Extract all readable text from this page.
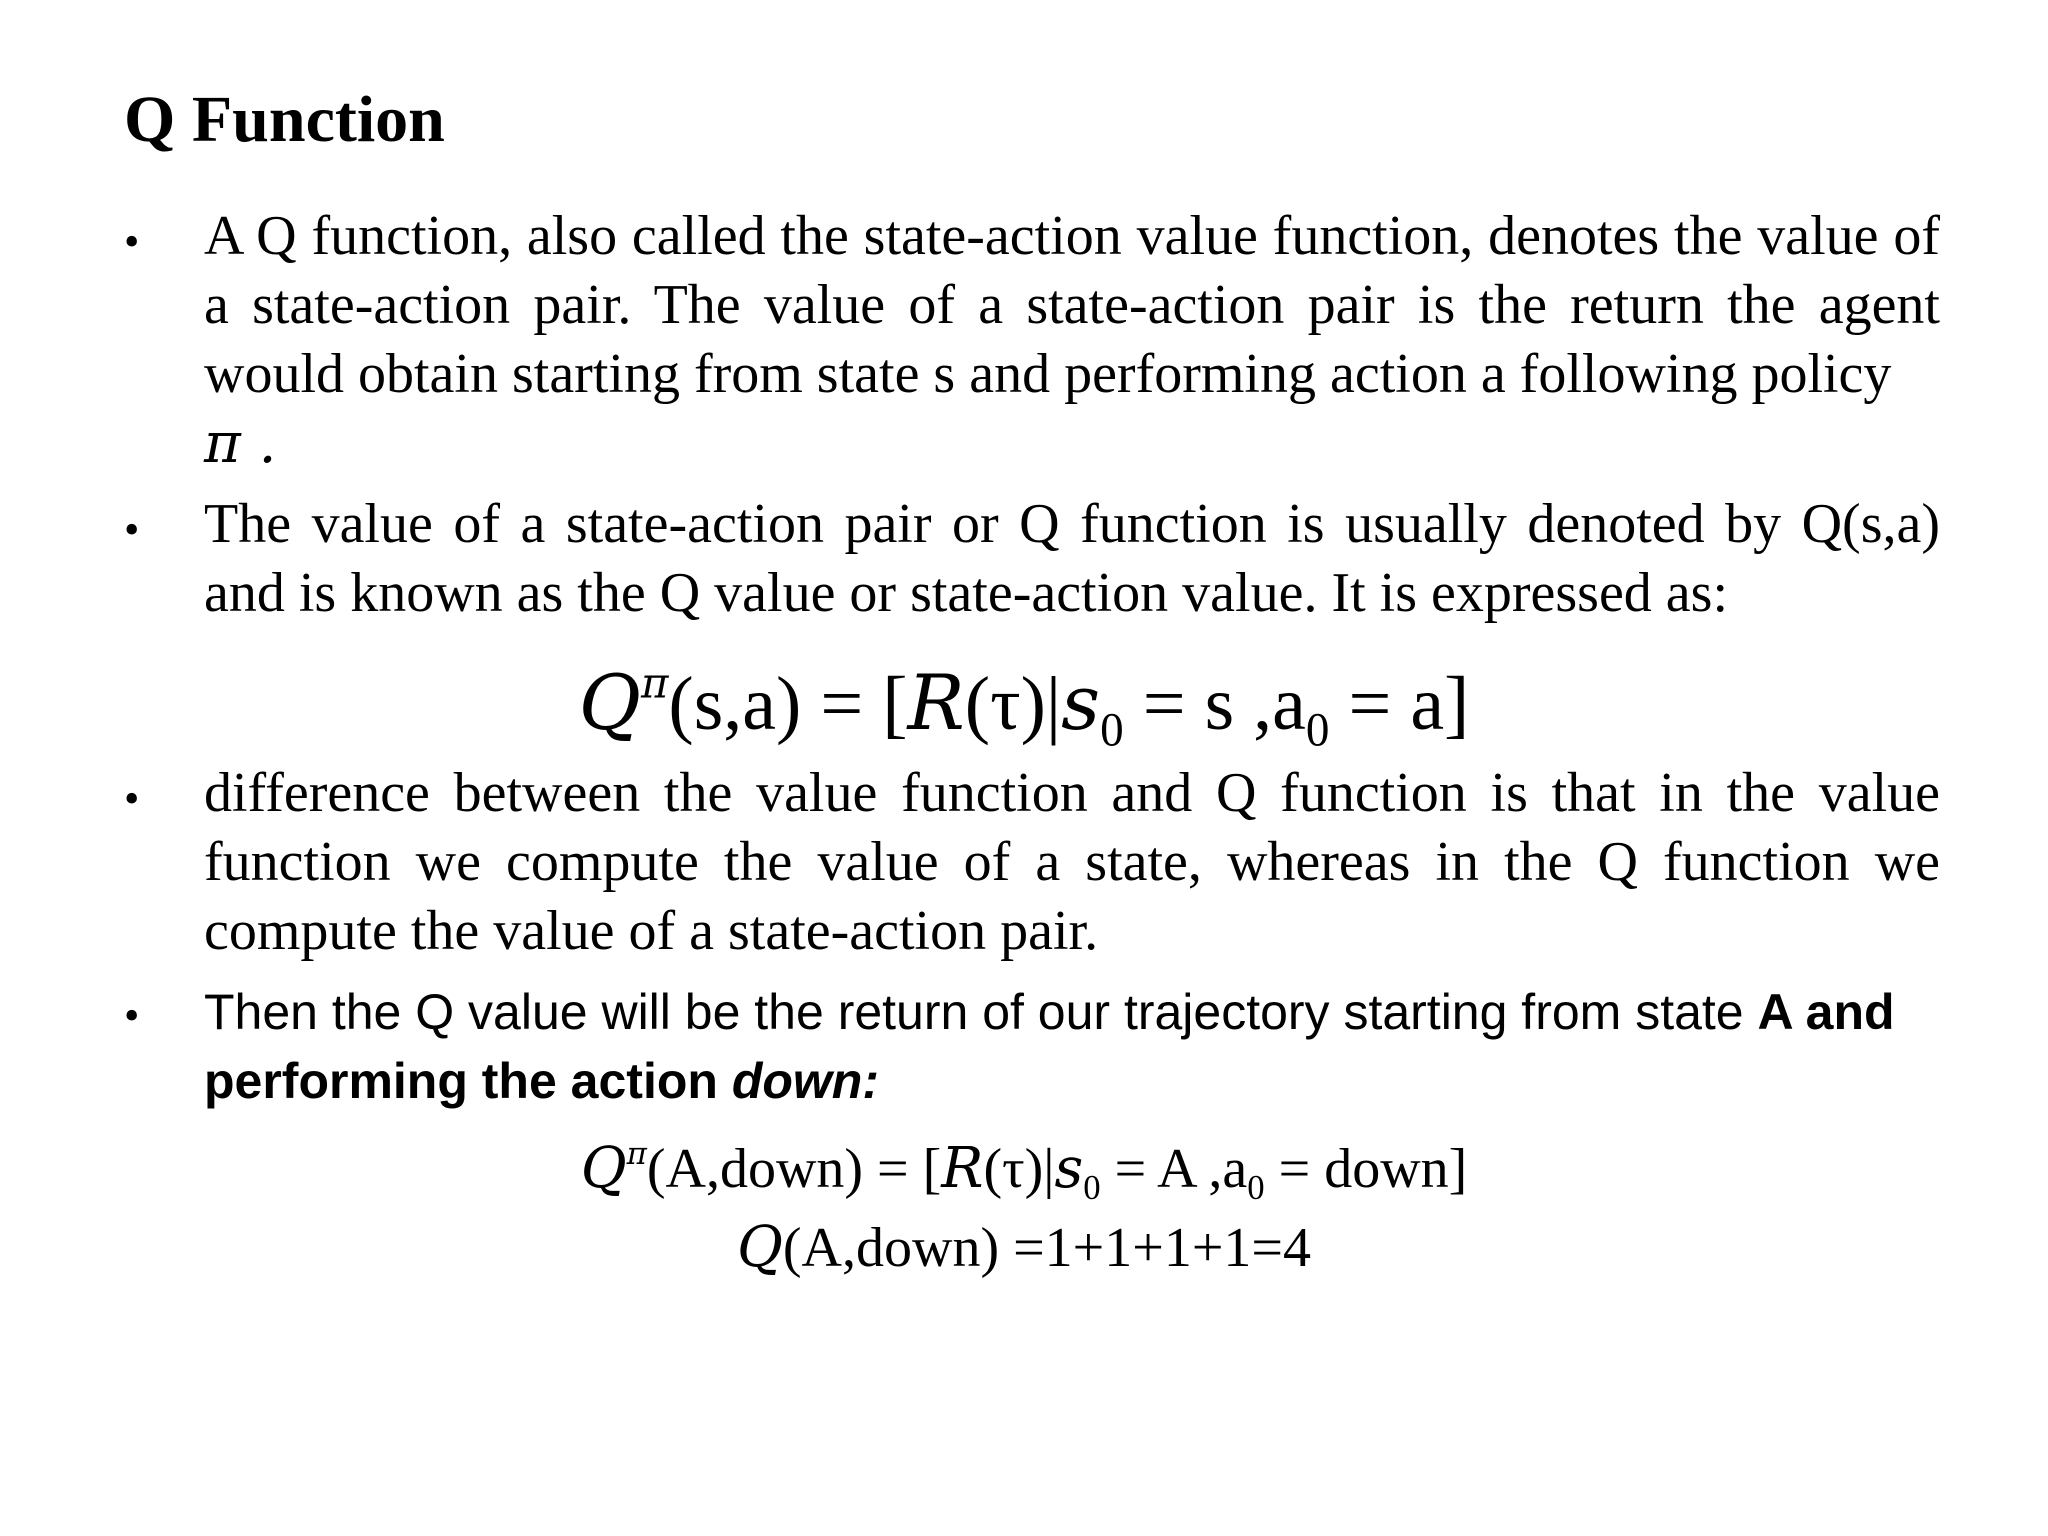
Q Function
• A Q function, also called the state-action value function, denotes the value of a state-action pair. The value of a state-action pair is the return the agent would obtain starting from state s and performing action a following policy
π .
• The value of a state-action pair or Q function is usually denoted by Q(s,a) and is known as the Q value or state-action value. It is expressed as:
$Q^\pi(s,a) = [R(\tau)|s_0 = s$ $,a_0 = a$]
• difference between the value function and Q function is that in the value function we compute the value of a state, whereas in the Q function we compute the value of a state-action pair.
• Then the Q value will be the return of our trajectory starting from state A and performing the action down:
$Q^\pi(A,down) = [R(\tau)|s_0 = A$ $,a_0$ = down]
Q(A,down) =1+1+1+1=4
